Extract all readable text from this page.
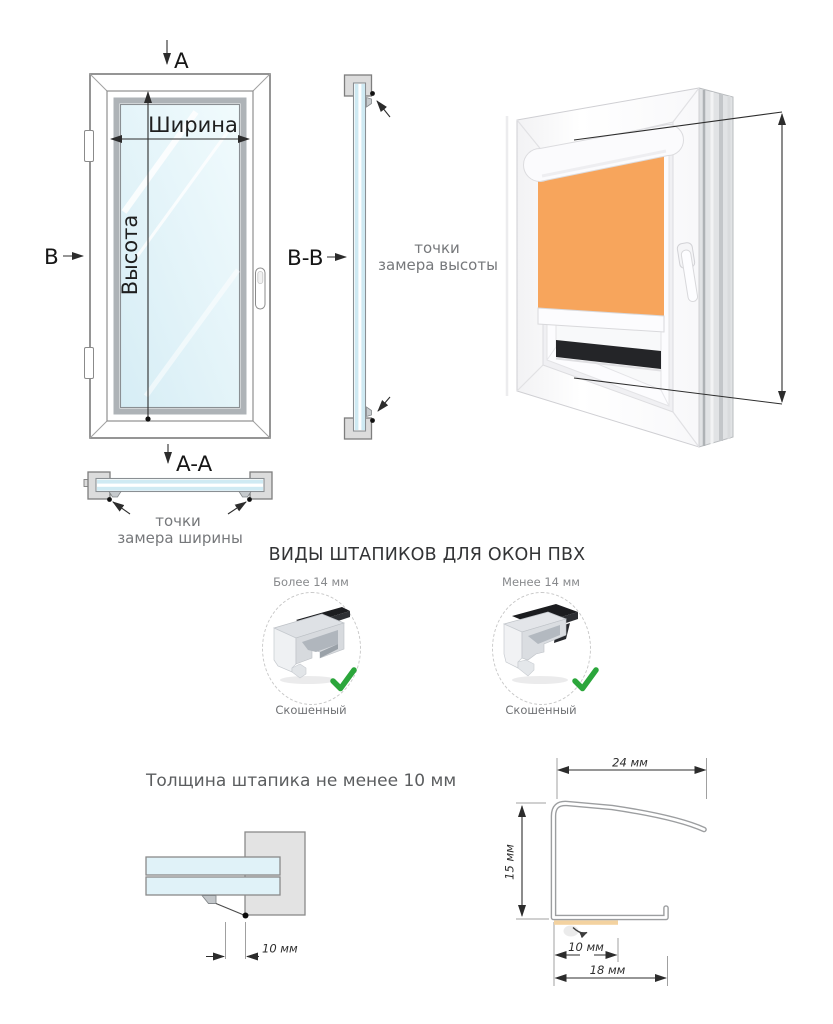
A
Ширина
Высота
B
A-A
точки
замера ширины
B-B	точки
замера высоты
ВИДЫ ШТАПИКОВ ДЛЯ ОКОН ПВХ
Более 14 мм	Менее 14 мм
Скошенный	Скошенный
Толщина штапика не менее 10 мм
10 мм
24 мм
15 мм
10 мм
18 мм
